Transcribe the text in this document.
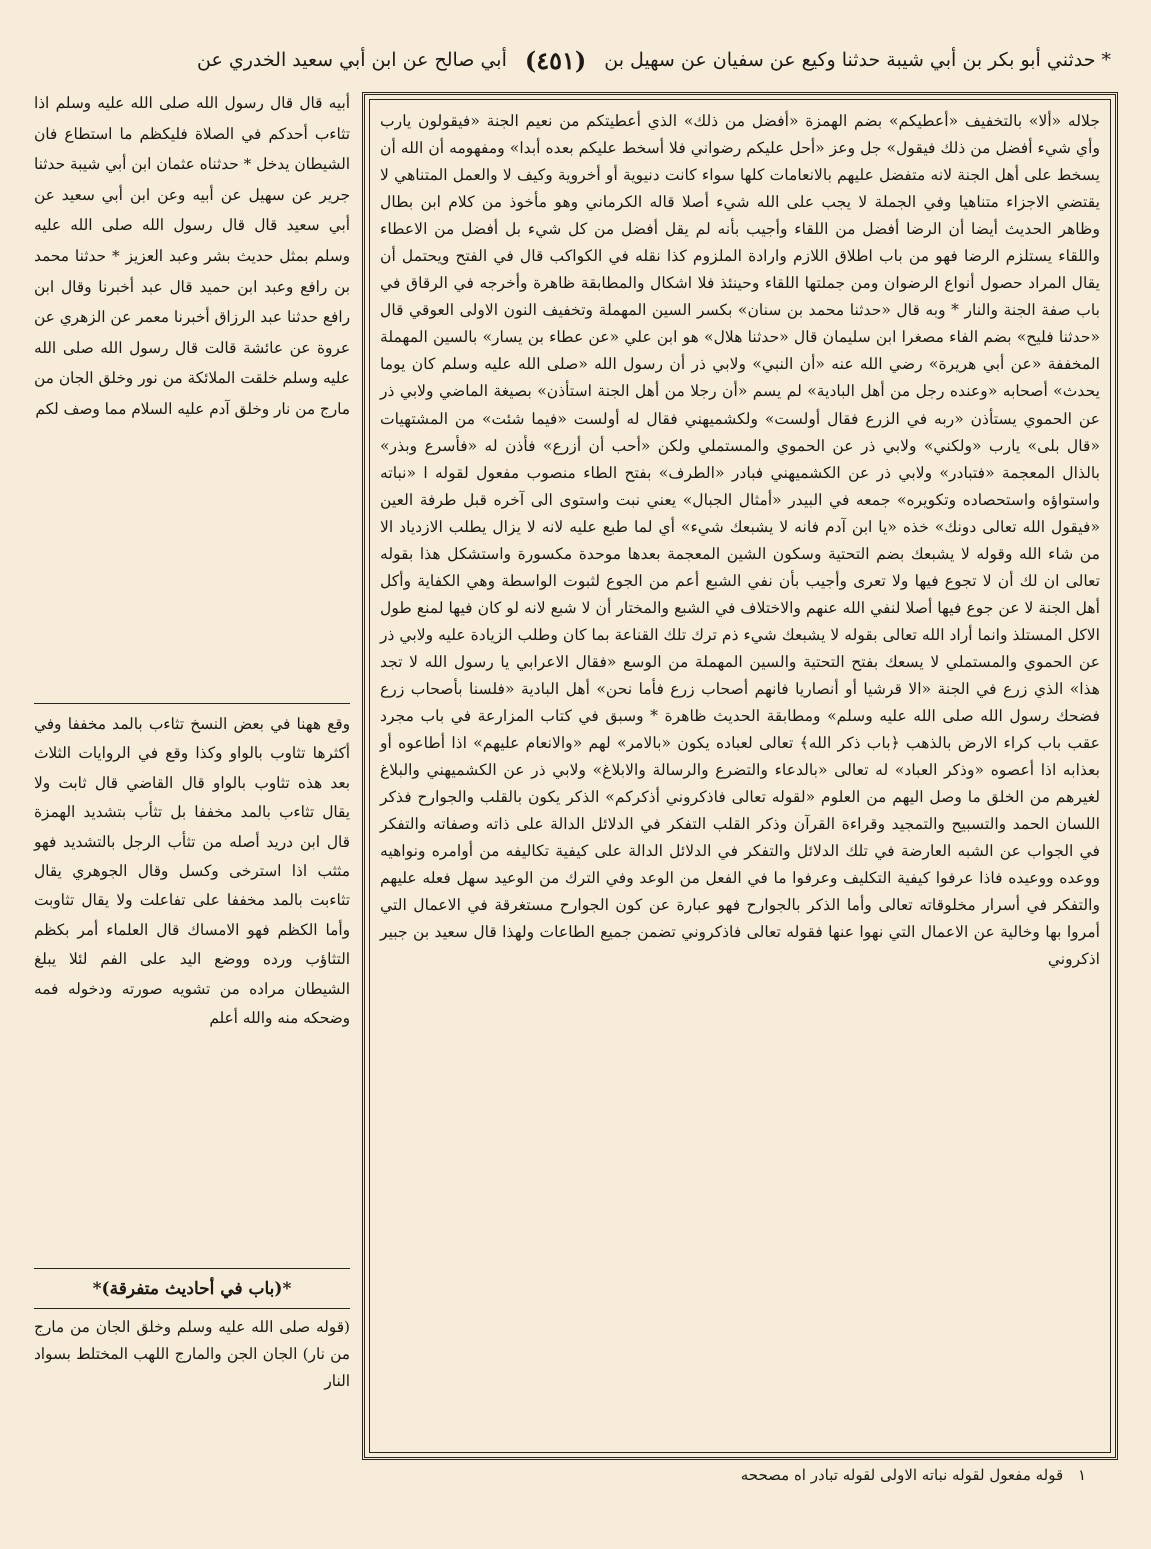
* حدثني أبو بكر بن أبي شيبة حدثنا وكيع عن سفيان عن سهيل بن
(٤٥١)
أبي صالح عن ابن أبي سعيد الخدري عن

جلاله «ألا» بالتخفيف «أعطيكم» بضم الهمزة «أفضل من ذلك» الذي أعطيتكم من نعيم الجنة «فيقولون يارب وأي شيء أفضل من ذلك فيقول» جل وعز «أحل عليكم رضواني فلا أسخط عليكم بعده أبدا» ومفهومه أن الله أن يسخط على أهل الجنة لانه متفضل عليهم بالانعامات كلها سواء كانت دنيوية أو أخروية وكيف لا والعمل المتناهي لا يقتضي الاجزاء متناهيا وفي الجملة لا يجب على الله شيء أصلا قاله الكرماني وهو مأخوذ من كلام ابن بطال وظاهر الحديث أيضا أن الرضا أفضل من اللقاء وأجيب بأنه لم يقل أفضل من كل شيء بل أفضل من الاعطاء واللقاء يستلزم الرضا فهو من باب اطلاق اللازم وارادة الملزوم كذا نقله في الكواكب قال في الفتح ويحتمل أن يقال المراد حصول أنواع الرضوان ومن جملتها اللقاء وحينئذ فلا اشكال والمطابقة ظاهرة وأخرجه في الرقاق في باب صفة الجنة والنار * وبه قال «حدثنا محمد بن سنان» بكسر السين المهملة وتخفيف النون الاولى العوقي قال «حدثنا فليح» بضم الفاء مصغرا ابن سليمان قال «حدثنا هلال» هو ابن علي «عن عطاء بن يسار» بالسين المهملة المخففة «عن أبي هريرة» رضي الله عنه «أن النبي» ولابي ذر أن رسول الله «صلى الله عليه وسلم كان يوما يحدث» أصحابه «وعنده رجل من أهل البادية» لم يسم «أن رجلا من أهل الجنة استأذن» بصيغة الماضي ولابي ذر عن الحموي يستأذن «ربه في الزرع فقال أولست» ولكشميهني فقال له أولست «فيما شئت» من المشتهيات «قال بلى» يارب «ولكني» ولابي ذر عن الحموي والمستملي ولكن «أحب أن أزرع» فأذن له «فأسرع وبذر» بالذال المعجمة «فتبادر» ولابي ذر عن الكشميهني فبادر «الطرف» بفتح الطاء منصوب مفعول لقوله ا «نباته واستواؤه واستحصاده وتكويره» جمعه في البيدر «أمثال الجبال» يعني نبت واستوى الى آخره قبل طرفة العين «فيقول الله تعالى دونك» خذه «يا ابن آدم فانه لا يشبعك شيء» أي لما طبع عليه لانه لا يزال يطلب الازدياد الا من شاء الله وقوله لا يشبعك بضم التحتية وسكون الشين المعجمة بعدها موحدة مكسورة واستشكل هذا بقوله تعالى ان لك أن لا تجوع فيها ولا تعرى وأجيب بأن نفي الشبع أعم من الجوع لثبوت الواسطة وهي الكفاية وأكل أهل الجنة لا عن جوع فيها أصلا لنفي الله عنهم والاختلاف في الشبع والمختار أن لا شبع لانه لو كان فيها لمنع طول الاكل المستلذ وانما أراد الله تعالى بقوله لا يشبعك شيء ذم ترك تلك القناعة بما كان وطلب الزيادة عليه ولابي ذر عن الحموي والمستملي لا يسعك بفتح التحتية والسين المهملة من الوسع «فقال الاعرابي يا رسول الله لا تجد هذا» الذي زرع في الجنة «الا قرشيا أو أنصاريا فانهم أصحاب زرع فأما نحن» أهل البادية «فلسنا بأصحاب زرع فضحك رسول الله صلى الله عليه وسلم» ومطابقة الحديث ظاهرة * وسبق في كتاب المزارعة في باب مجرد عقب باب كراء الارض بالذهب ﴿باب ذكر الله﴾ تعالى لعباده يكون «بالامر» لهم «والانعام عليهم» اذا أطاعوه أو بعذابه اذا أعصوه «وذكر العباد» له تعالى «بالدعاء والتضرع والرسالة والابلاغ» ولابي ذر عن الكشميهني والبلاغ لغيرهم من الخلق ما وصل اليهم من العلوم «لقوله تعالى فاذكروني أذكركم» الذكر يكون بالقلب والجوارح فذكر اللسان الحمد والتسبيح والتمجيد وقراءة القرآن وذكر القلب التفكر في الدلائل الدالة على ذاته وصفاته والتفكر في الجواب عن الشبه العارضة في تلك الدلائل والتفكر في الدلائل الدالة على كيفية تكاليفه من أوامره ونواهيه ووعده ووعيده فاذا عرفوا كيفية التكليف وعرفوا ما في الفعل من الوعد وفي الترك من الوعيد سهل فعله عليهم والتفكر في أسرار مخلوقاته تعالى وأما الذكر بالجوارح فهو عبارة عن كون الجوارح مستغرقة في الاعمال التي أمروا بها وخالية عن الاعمال التي نهوا عنها فقوله تعالى فاذكروني تضمن جميع الطاعات ولهذا قال سعيد بن جبير اذكروني

أبيه قال قال رسول الله صلى الله عليه وسلم اذا تثاءب أحدكم في الصلاة فليكظم ما استطاع فان الشيطان يدخل * حدثناه عثمان ابن أبي شيبة حدثنا جرير عن سهيل عن أبيه وعن ابن أبي سعيد عن أبي سعيد قال قال رسول الله صلى الله عليه وسلم بمثل حديث بشر وعبد العزيز * حدثنا محمد بن رافع وعبد ابن حميد قال عبد أخبرنا وقال ابن رافع حدثنا عبد الرزاق أخبرنا معمر عن الزهري عن عروة عن عائشة قالت قال رسول الله صلى الله عليه وسلم خلقت الملائكة من نور وخلق الجان من مارج من نار وخلق آدم عليه السلام مما وصف لكم

وقع ههنا في بعض النسخ تثاءب بالمد مخففا وفي أكثرها تثاوب بالواو وكذا وقع في الروايات الثلاث بعد هذه تثاوب بالواو قال القاضي قال ثابت ولا يقال تثاءب بالمد مخففا بل تثأب بتشديد الهمزة قال ابن دريد أصله من تثأب الرجل بالتشديد فهو مثثب اذا استرخى وكسل وقال الجوهري يقال تثاءبت بالمد مخففا على تفاعلت ولا يقال تثاوبت وأما الكظم فهو الامساك قال العلماء أمر بكظم التثاؤب ورده ووضع اليد على الفم لئلا يبلغ الشيطان مراده من تشويه صورته ودخوله فمه وضحكه منه والله أعلم

*(باب في أحاديث متفرقة)*

(قوله صلى الله عليه وسلم وخلق الجان من مارج من نار) الجان الجن والمارج اللهب المختلط بسواد النار

١ قوله مفعول لقوله نباته الاولى لقوله تبادر اه مصححه
